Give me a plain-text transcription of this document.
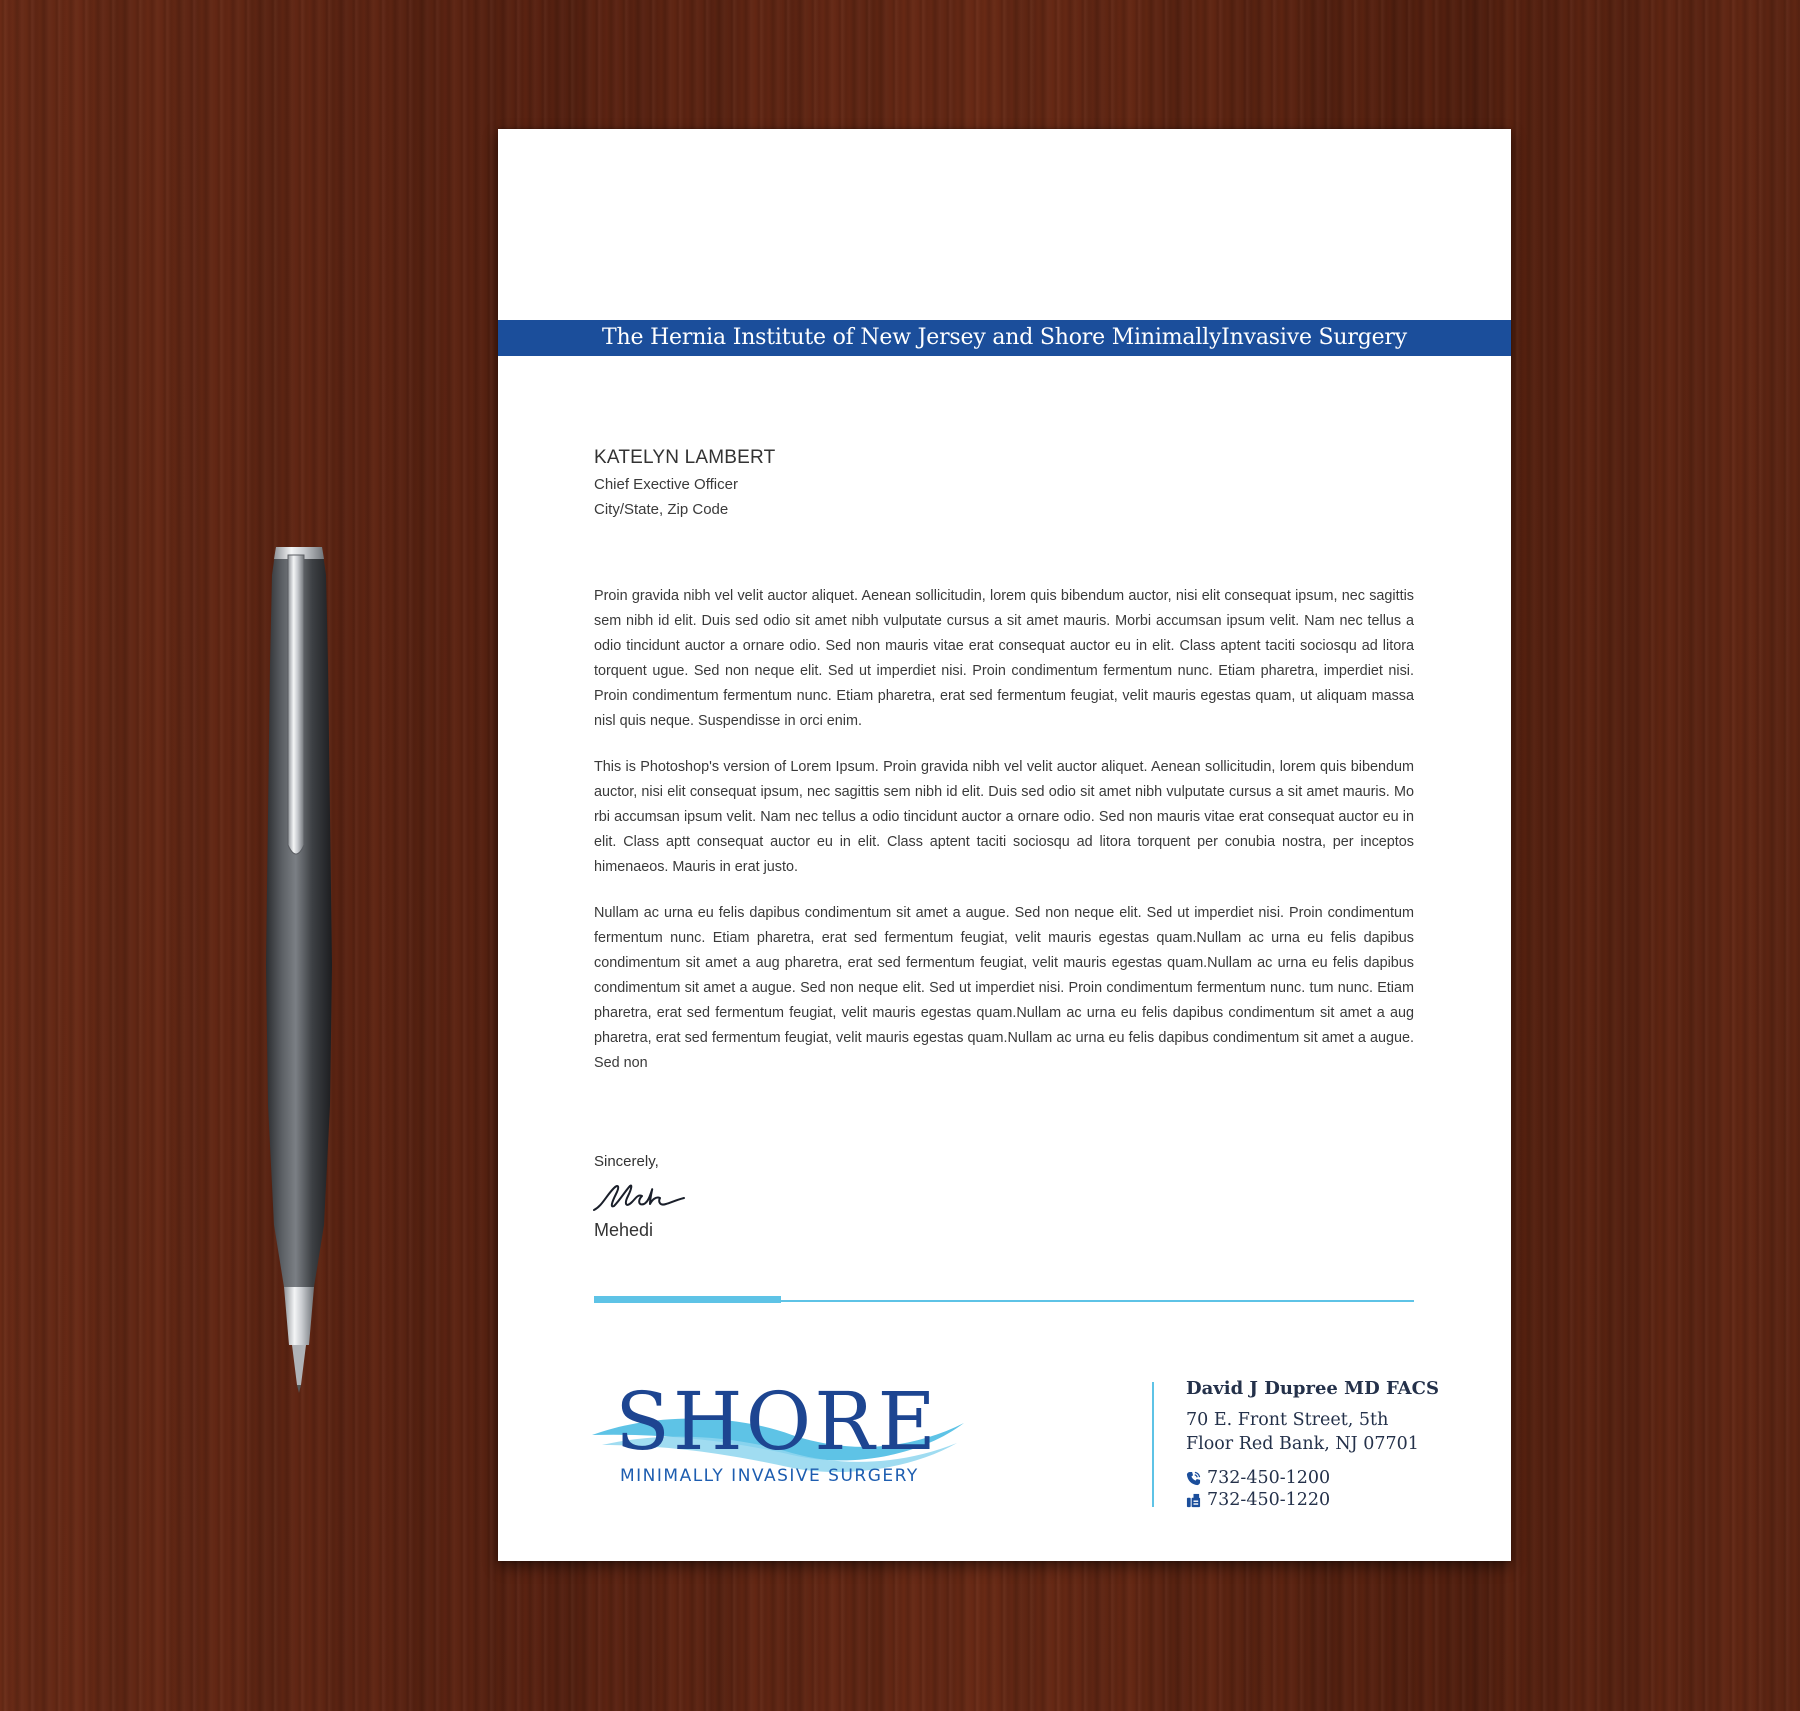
The Hernia Institute of New Jersey and Shore MinimallyInvasive Surgery
KATELYN LAMBERT
Chief Exective Officer
City/State, Zip Code

Proin gravida nibh vel velit auctor aliquet. Aenean sollicitudin, lorem quis bibendum auctor, nisi elit consequat ipsum, nec sagittis sem nibh id elit. Duis sed odio sit amet nibh vulputate cursus a sit amet mauris. Morbi accumsan ipsum velit. Nam nec tellus a odio tincidunt auctor a ornare odio. Sed non mauris vitae erat consequat auctor eu in elit. Class aptent taciti sociosqu ad litora torquent ugue. Sed non neque elit. Sed ut imperdiet nisi. Proin condimentum fermentum nunc. Etiam pharetra, imperdiet nisi. Proin condimentum fermentum nunc. Etiam pharetra, erat sed fermentum feugiat, velit mauris egestas quam, ut aliquam massa nisl quis neque. Suspendisse in orci enim.

This is Photoshop's version of Lorem Ipsum. Proin gravida nibh vel velit auctor aliquet. Aenean sollicitudin, lorem quis bibendum auctor, nisi elit consequat ipsum, nec sagittis sem nibh id elit. Duis sed odio sit amet nibh vulputate cursus a sit amet mauris. Mo rbi accumsan ipsum velit. Nam nec tellus a odio tincidunt auctor a ornare odio. Sed non mauris vitae erat consequat auctor eu in elit. Class aptt consequat auctor eu in elit. Class aptent taciti sociosqu ad litora torquent per conubia nostra, per inceptos himenaeos. Mauris in erat justo.

Nullam ac urna eu felis dapibus condimentum sit amet a augue. Sed non neque elit. Sed ut imperdiet nisi. Proin condimentum fermentum nunc. Etiam pharetra, erat sed fermentum feugiat, velit mauris egestas quam.Nullam ac urna eu felis dapibus condimentum sit amet a aug pharetra, erat sed fermentum feugiat, velit mauris egestas quam.Nullam ac urna eu felis dapibus condimentum sit amet a augue. Sed non neque elit. Sed ut imperdiet nisi. Proin condimentum fermentum nunc. tum nunc. Etiam pharetra, erat sed fermentum feugiat, velit mauris egestas quam.Nullam ac urna eu felis dapibus condimentum sit amet a aug pharetra, erat sed fermentum feugiat, velit mauris egestas quam.Nullam ac urna eu felis dapibus condimentum sit amet a augue. Sed non

Sincerely,
Mehedi
SHORE
MINIMALLY INVASIVE SURGERY
David J Dupree MD FACS
70 E. Front Street, 5th
Floor Red Bank, NJ 07701
732-450-1200
732-450-1220
